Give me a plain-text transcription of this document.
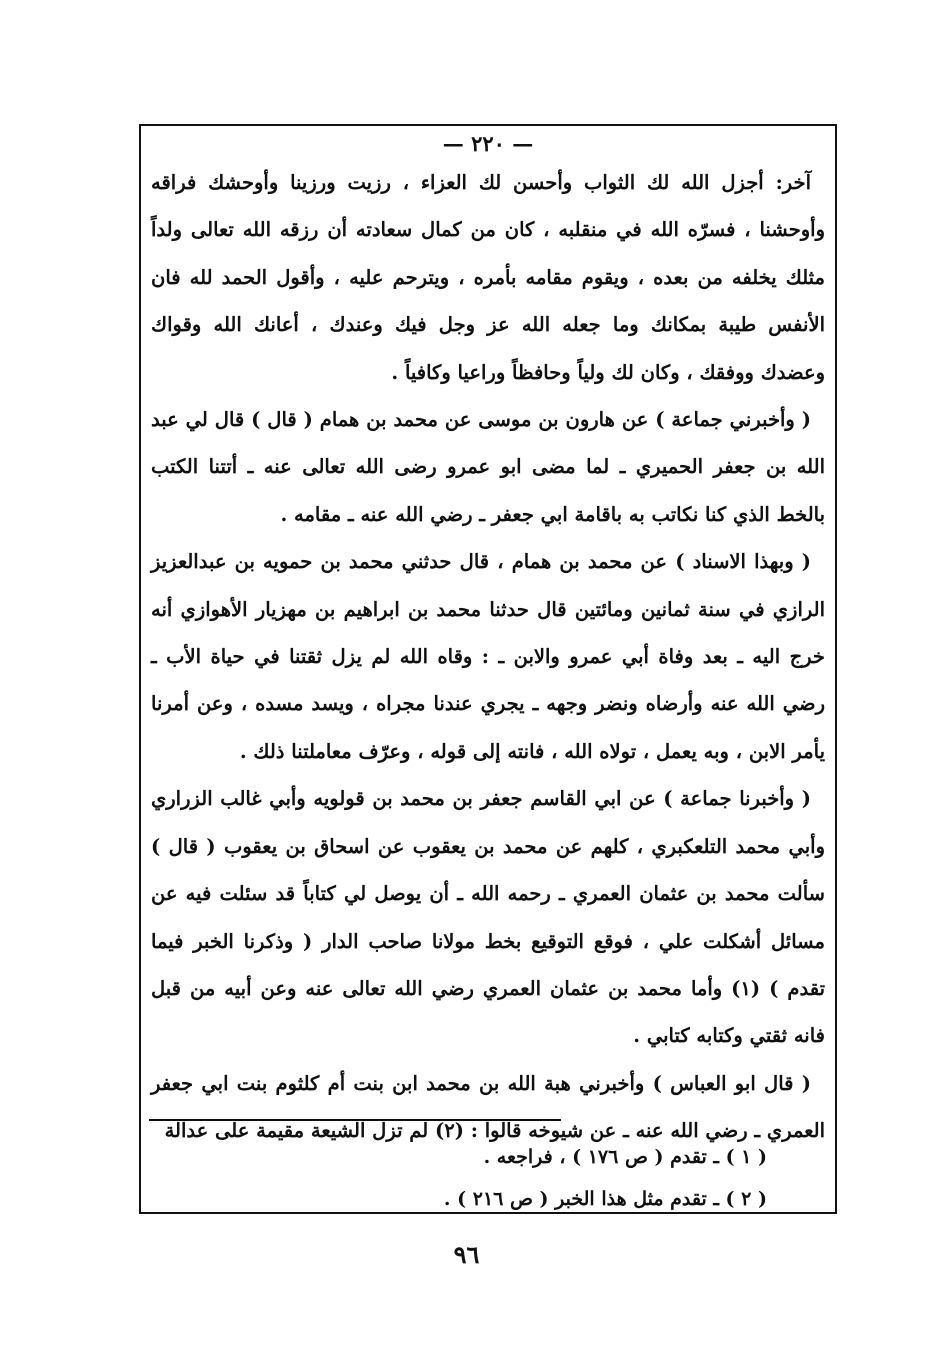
— ٢٢٠ —

آخر: أجزل الله لك الثواب وأحسن لك العزاء ، رزيت ورزينا وأوحشك فراقه وأوحشنا ، فسرّه الله في منقلبه ، كان من كمال سعادته أن رزقه الله تعالى ولداً مثلك يخلفه من بعده ، ويقوم مقامه بأمره ، ويترحم عليه ، وأقول الحمد لله فان الأنفس طيبة بمكانك وما جعله الله عز وجل فيك وعندك ، أعانك الله وقواك وعضدك ووفقك ، وكان لك ولياً وحافظاً وراعيا وكافياً .

( وأخبرني جماعة ) عن هارون بن موسى عن محمد بن همام ( قال ) قال لي عبد الله بن جعفر الحميري ـ لما مضى ابو عمرو رضى الله تعالى عنه ـ أتتنا الكتب بالخط الذي كنا نكاتب به باقامة ابي جعفر ـ رضي الله عنه ـ مقامه .

( وبهذا الاسناد ) عن محمد بن همام ، قال حدثني محمد بن حمويه بن عبدالعزيز الرازي في سنة ثمانين ومائتين قال حدثنا محمد بن ابراهيم بن مهزيار الأهوازي أنه خرج اليه ـ بعد وفاة أبي عمرو والابن ـ : وقاه الله لم يزل ثقتنا في حياة الأب ـ رضي الله عنه وأرضاه ونضر وجهه ـ يجري عندنا مجراه ، ويسد مسده ، وعن أمرنا يأمر الابن ، وبه يعمل ، تولاه الله ، فانته إلى قوله ، وعرّف معاملتنا ذلك .

( وأخبرنا جماعة ) عن ابي القاسم جعفر بن محمد بن قولويه وأبي غالب الزراري وأبي محمد التلعكبري ، كلهم عن محمد بن يعقوب عن اسحاق بن يعقوب ( قال ) سألت محمد بن عثمان العمري ـ رحمه الله ـ أن يوصل لي كتاباً قد سئلت فيه عن مسائل أشكلت علي ، فوقع التوقيع بخط مولانا صاحب الدار ( وذكرنا الخبر فيما تقدم ) (١) وأما محمد بن عثمان العمري رضي الله تعالى عنه وعن أبيه من قبل فانه ثقتي وكتابه كتابي .

( قال ابو العباس ) وأخبرني هبة الله بن محمد ابن بنت أم كلثوم بنت ابي جعفر العمري ـ رضي الله عنه ـ عن شيوخه قالوا : (٢) لم تزل الشيعة مقيمة على عدالة

( ١ ) ـ تقدم ( ص ١٧٦ ) ، فراجعه .

( ٢ ) ـ تقدم مثل هذا الخبر ( ص ٢١٦ ) .

٩٦
